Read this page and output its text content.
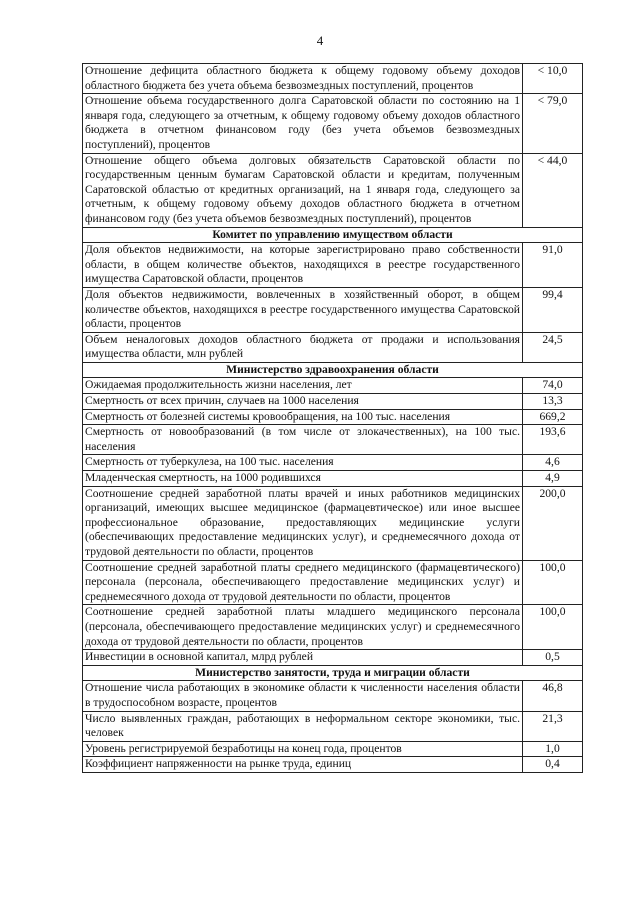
4
Отношение дефицита областного бюджета к общему годовому объему доходов областного бюджета без учета объема безвозмездных поступлений, процентов	< 10,0
Отношение объема государственного долга Саратовской области по состоянию на 1 января года, следующего за отчетным, к общему годовому объему доходов областного бюджета в отчетном финансовом году (без учета объемов безвозмездных поступлений), процентов	< 79,0
Отношение общего объема долговых обязательств Саратовской области по государственным ценным бумагам Саратовской области и кредитам, полученным Саратовской областью от кредитных организаций, на 1 января года, следующего за отчетным, к общему годовому объему доходов областного бюджета в отчетном финансовом году (без учета объемов безвозмездных поступлений), процентов	< 44,0
Комитет по управлению имуществом области	
Доля объектов недвижимости, на которые зарегистрировано право собственности области, в общем количестве объектов, находящихся в реестре государственного имущества Саратовской области, процентов	91,0
Доля объектов недвижимости, вовлеченных в хозяйственный оборот, в общем количестве объектов, находящихся в реестре государственного имущества Саратовской области, процентов	99,4
Объем неналоговых доходов областного бюджета от продажи и использования имущества области, млн рублей	24,5
Министерство здравоохранения области	
Ожидаемая продолжительность жизни населения, лет	74,0
Смертность от всех причин, случаев на 1000 населения	13,3
Смертность от болезней системы кровообращения, на 100 тыс. населения	669,2
Смертность от новообразований (в том числе от злокачественных), на 100 тыс. населения	193,6
Смертность от туберкулеза, на 100 тыс. населения	4,6
Младенческая смертность, на 1000 родившихся	4,9
Соотношение средней заработной платы врачей и иных работников медицинских организаций, имеющих высшее медицинское (фармацевтическое) или иное высшее профессиональное образование, предоставляющих медицинские услуги (обеспечивающих предоставление медицинских услуг), и среднемесячного дохода от трудовой деятельности по области, процентов	200,0
Соотношение средней заработной платы среднего медицинского (фармацевтического) персонала (персонала, обеспечивающего предоставление медицинских услуг) и среднемесячного дохода от трудовой деятельности по области, процентов	100,0
Соотношение средней заработной платы младшего медицинского персонала (персонала, обеспечивающего предоставление медицинских услуг) и среднемесячного дохода от трудовой деятельности по области, процентов	100,0
Инвестиции в основной капитал, млрд рублей	0,5
Министерство занятости, труда и миграции области	
Отношение числа работающих в экономике области к численности населения области в трудоспособном возрасте, процентов	46,8
Число выявленных граждан, работающих в неформальном секторе экономики, тыс. человек	21,3
Уровень регистрируемой безработицы на конец года, процентов	1,0
Коэффициент напряженности на рынке труда, единиц	0,4
